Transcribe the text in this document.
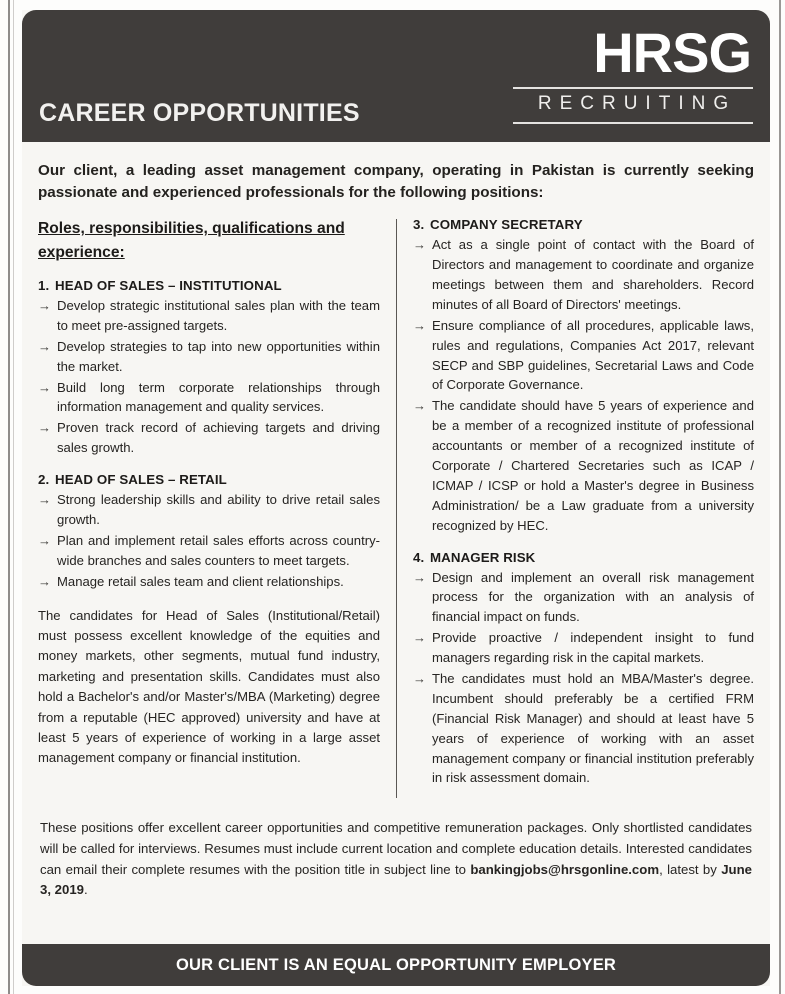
CAREER OPPORTUNITIES
HRSG
RECRUITING
Our client, a leading asset management company, operating in Pakistan is currently seeking passionate and experienced professionals for the following positions:
Roles, responsibilities, qualifications and experience:
1. HEAD OF SALES – INSTITUTIONAL
→ Develop strategic institutional sales plan with the team to meet pre-assigned targets.
→ Develop strategies to tap into new opportunities within the market.
→ Build long term corporate relationships through information management and quality services.
→ Proven track record of achieving targets and driving sales growth.
2. HEAD OF SALES – RETAIL
→ Strong leadership skills and ability to drive retail sales growth.
→ Plan and implement retail sales efforts across country-wide branches and sales counters to meet targets.
→ Manage retail sales team and client relationships.
The candidates for Head of Sales (Institutional/Retail) must possess excellent knowledge of the equities and money markets, other segments, mutual fund industry, marketing and presentation skills. Candidates must also hold a Bachelor's and/or Master's/MBA (Marketing) degree from a reputable (HEC approved) university and have at least 5 years of experience of working in a large asset management company or financial institution.
3. COMPANY SECRETARY
→ Act as a single point of contact with the Board of Directors and management to coordinate and organize meetings between them and shareholders. Record minutes of all Board of Directors' meetings.
→ Ensure compliance of all procedures, applicable laws, rules and regulations, Companies Act 2017, relevant SECP and SBP guidelines, Secretarial Laws and Code of Corporate Governance.
→ The candidate should have 5 years of experience and be a member of a recognized institute of professional accountants or member of a recognized institute of Corporate / Chartered Secretaries such as ICAP / ICMAP / ICSP or hold a Master's degree in Business Administration/ be a Law graduate from a university recognized by HEC.
4. MANAGER RISK
→ Design and implement an overall risk management process for the organization with an analysis of financial impact on funds.
→ Provide proactive / independent insight to fund managers regarding risk in the capital markets.
→ The candidates must hold an MBA/Master's degree. Incumbent should preferably be a certified FRM (Financial Risk Manager) and should at least have 5 years of experience of working with an asset management company or financial institution preferably in risk assessment domain.
These positions offer excellent career opportunities and competitive remuneration packages. Only shortlisted candidates will be called for interviews. Resumes must include current location and complete education details. Interested candidates can email their complete resumes with the position title in subject line to bankingjobs@hrsgonline.com, latest by June 3, 2019.
OUR CLIENT IS AN EQUAL OPPORTUNITY EMPLOYER
